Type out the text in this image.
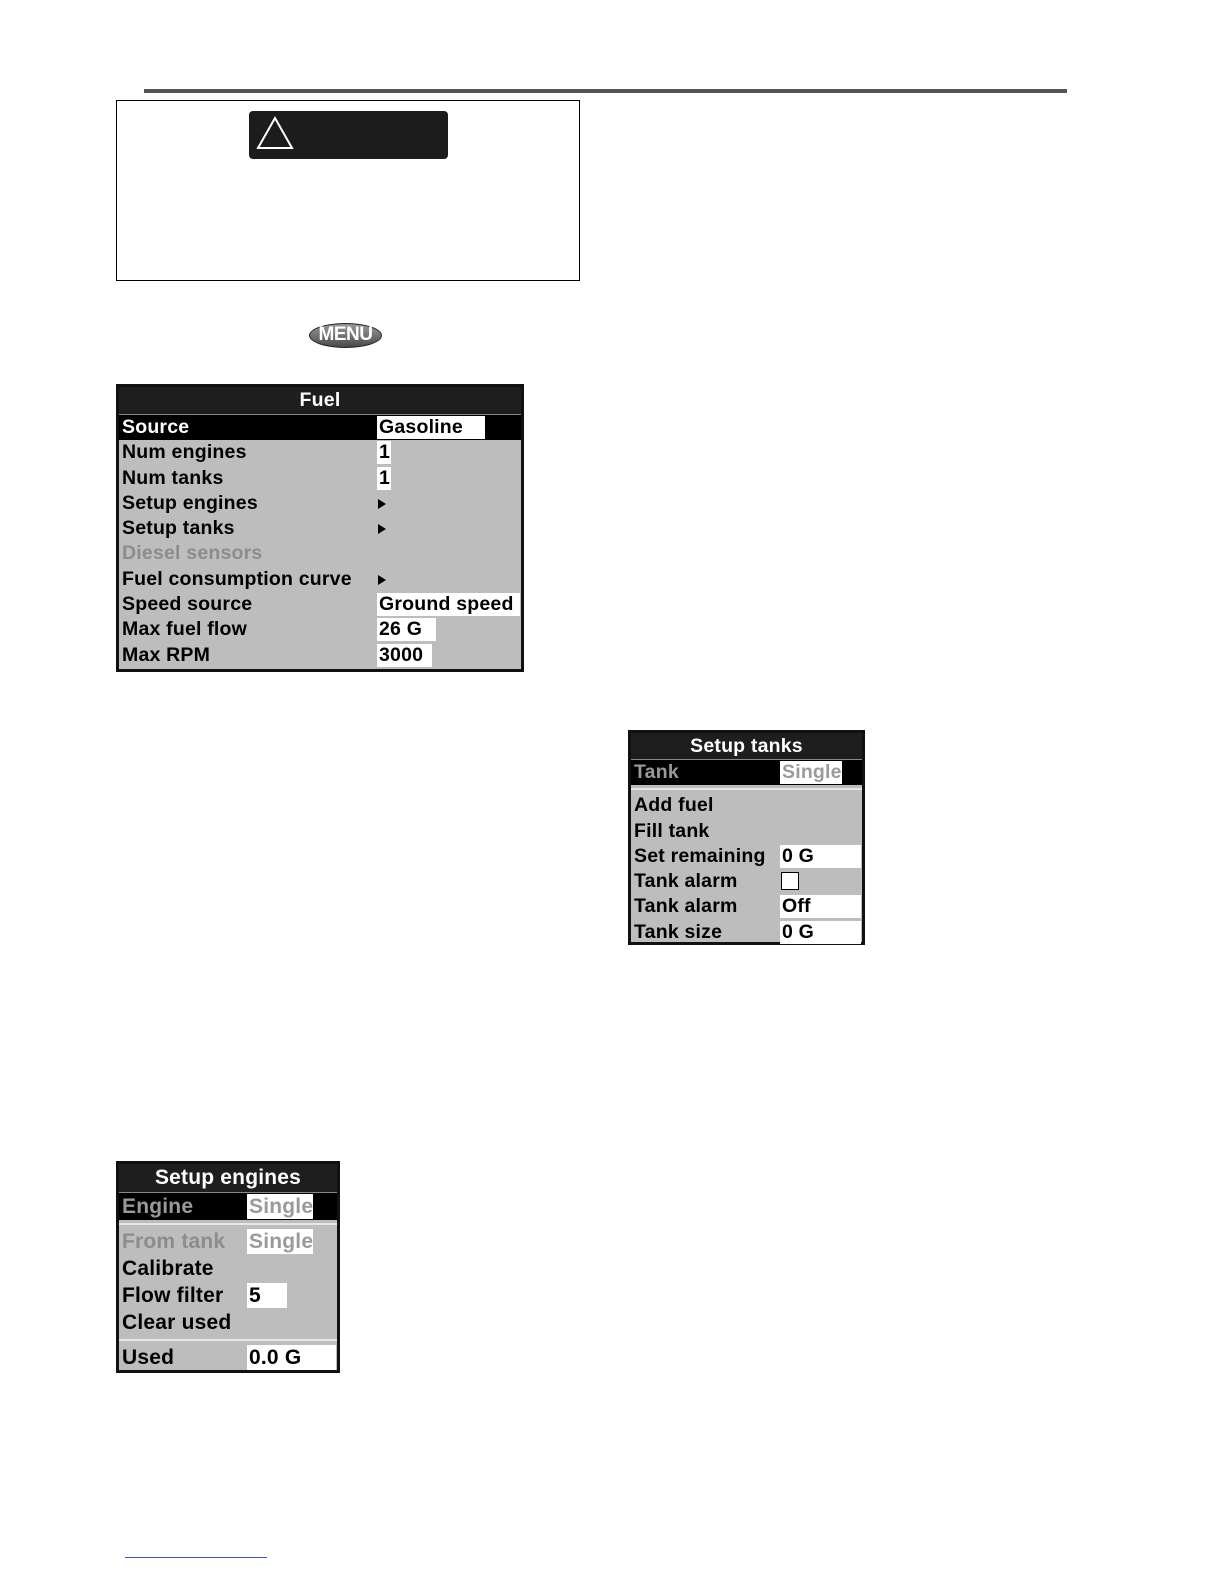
MENU
Fuel
Source	Gasoline
Num engines	1
Num tanks	1
Setup engines
Setup tanks
Diesel sensors
Fuel consumption curve
Speed source	Ground speed
Max fuel flow	26 G
Max RPM	3000
Setup tanks
Tank	Single
Add fuel
Fill tank
Set remaining 0 G
Tank alarm
Tank alarm Off
Tank size	0 G
Setup engines
Engine	Single
From tank Single
Calibrate
Flow filter 5
Clear used
Used	0.0 G
